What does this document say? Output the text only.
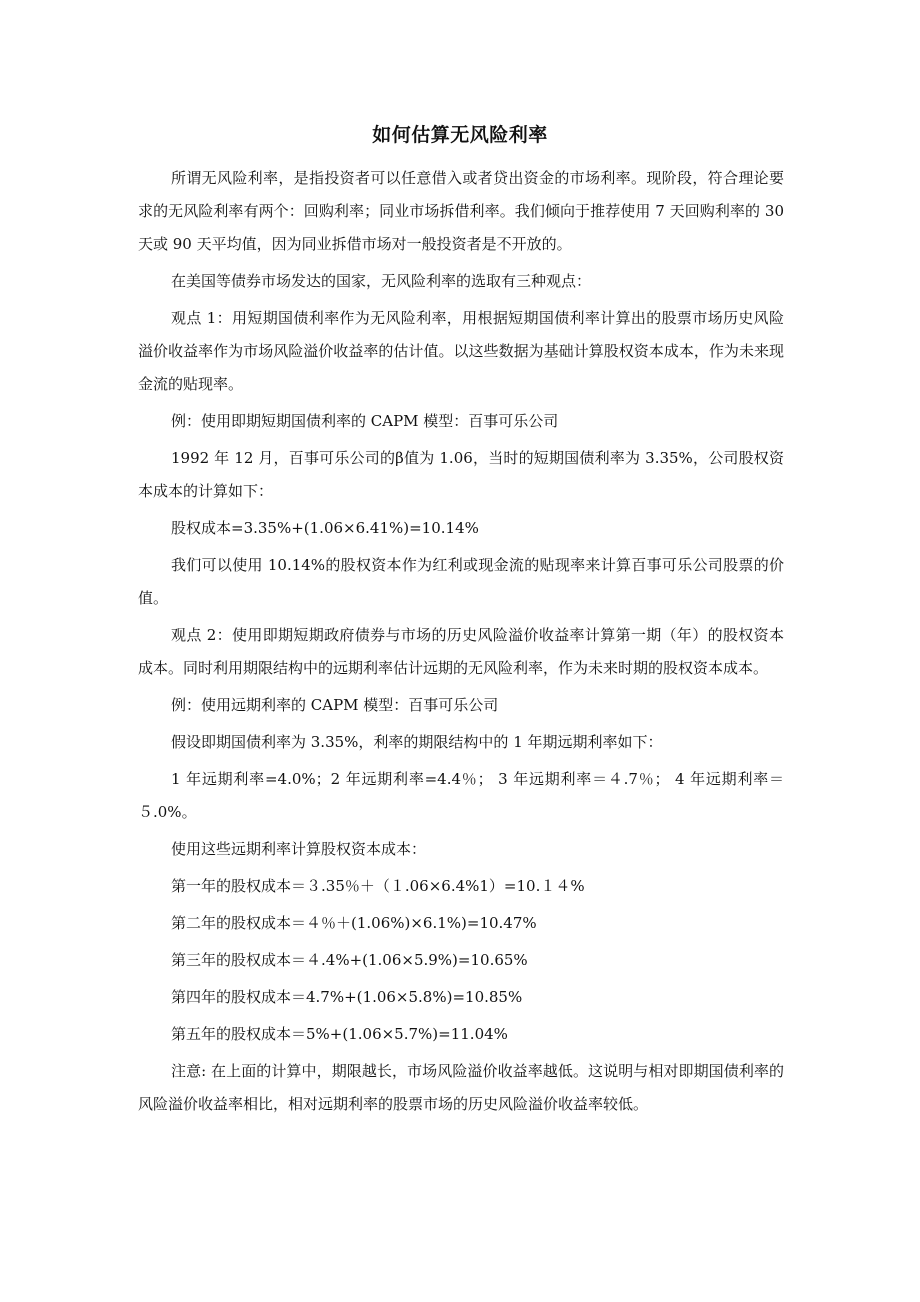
如何估算无风险利率

所谓无风险利率，是指投资者可以任意借入或者贷出资金的市场利率。现阶段，符合理论要求的无风险利率有两个：回购利率；同业市场拆借利率。我们倾向于推荐使用 7 天回购利率的 30 天或 90 天平均值，因为同业拆借市场对一般投资者是不开放的。

在美国等债券市场发达的国家，无风险利率的选取有三种观点：

观点 1：用短期国债利率作为无风险利率，用根据短期国债利率计算出的股票市场历史风险溢价收益率作为市场风险溢价收益率的估计值。以这些数据为基础计算股权资本成本，作为未来现金流的贴现率。

例：使用即期短期国债利率的 CAPM 模型：百事可乐公司

1992 年 12 月，百事可乐公司的β值为 1.06，当时的短期国债利率为 3.35%，公司股权资本成本的计算如下：

股权成本=3.35%+(1.06×6.41%)=10.14%

我们可以使用 10.14%的股权资本作为红利或现金流的贴现率来计算百事可乐公司股票的价值。

观点 2：使用即期短期政府债券与市场的历史风险溢价收益率计算第一期（年）的股权资本成本。同时利用期限结构中的远期利率估计远期的无风险利率，作为未来时期的股权资本成本。

例：使用远期利率的 CAPM 模型：百事可乐公司

假设即期国债利率为 3.35%，利率的期限结构中的 1 年期远期利率如下：

1 年远期利率=4.0%；2 年远期利率=4.4％； 3 年远期利率＝４.7％； 4 年远期利率＝５.0%。

使用这些远期利率计算股权资本成本：

第一年的股权成本＝３.35％＋（１.06×6.4%1）=10.１４%

第二年的股权成本＝４％＋(1.06%)×6.1%)=10.47%

第三年的股权成本＝４.4%+(1.06×5.9%)=10.65%

第四年的股权成本＝4.7%+(1.06×5.8%)=10.85%

第五年的股权成本＝5%+(1.06×5.7%)=11.04%

注意: 在上面的计算中，期限越长，市场风险溢价收益率越低。这说明与相对即期国债利率的风险溢价收益率相比，相对远期利率的股票市场的历史风险溢价收益率较低。
